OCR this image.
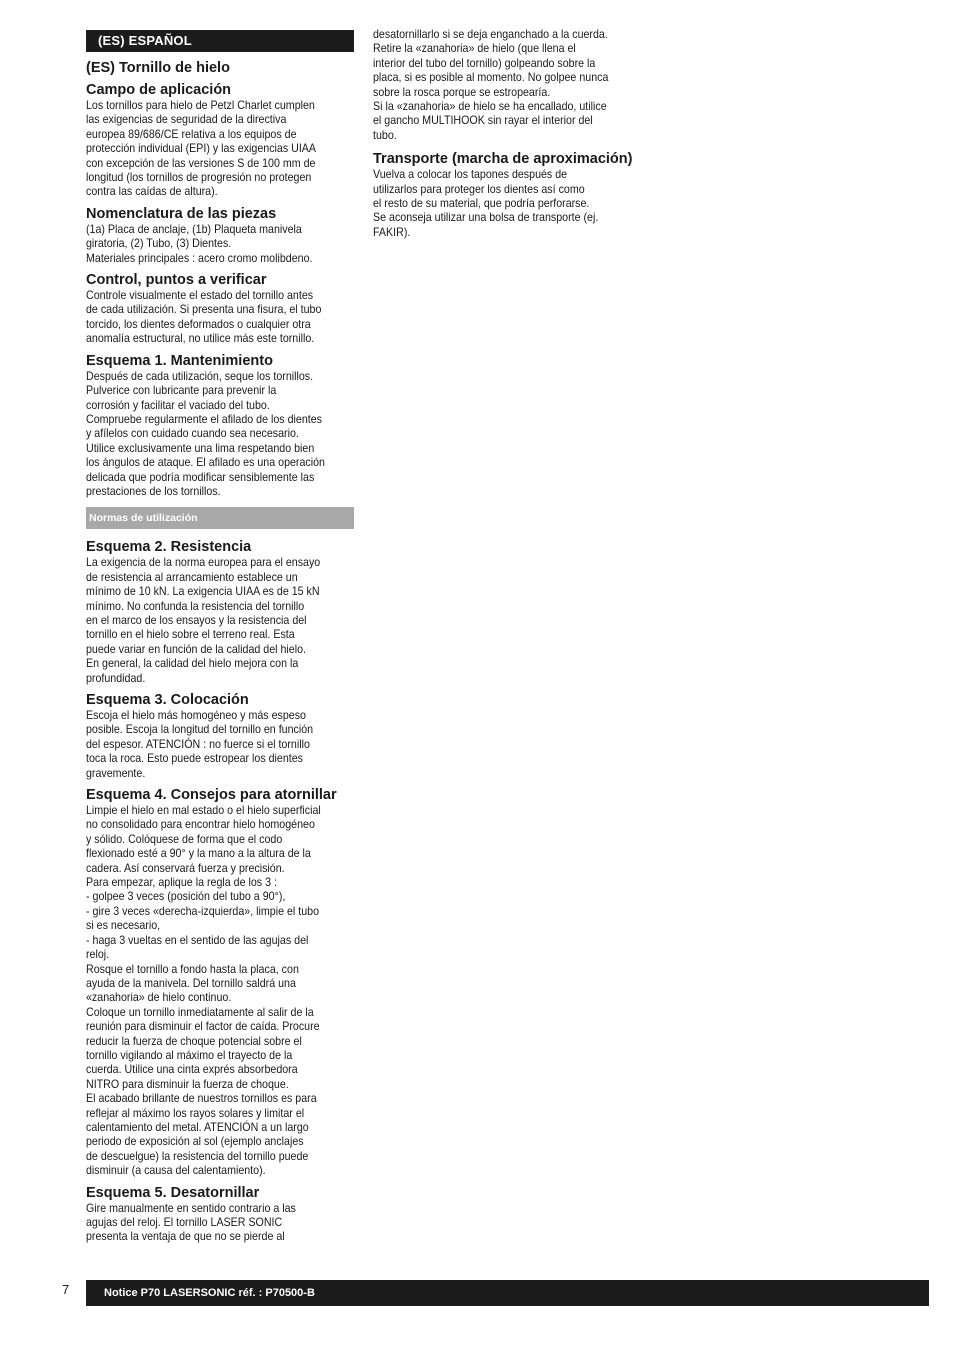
(ES) ESPAÑOL
(ES) Tornillo de hielo
Campo de aplicación

Los tornillos para hielo de Petzl Charlet cumplen
las exigencias de seguridad de la directiva
europea 89/686/CE relativa a los equipos de
protección individual (EPI) y las exigencias UIAA
con excepción de las versiones S de 100 mm de
longitud (los tornillos de progresión no protegen
contra las caídas de altura).

Nomenclatura de las piezas

(1a) Placa de anclaje, (1b) Plaqueta manivela
giratoria, (2) Tubo, (3) Dientes.
Materiales principales : acero cromo molibdeno.

Control, puntos a verificar

Controle visualmente el estado del tornillo antes
de cada utilización. Si presenta una fisura, el tubo
torcido, los dientes deformados o cualquier otra
anomalía estructural, no utilice más este tornillo.

Esquema 1. Mantenimiento

Después de cada utilización, seque los tornillos.
Pulverice con lubricante para prevenir la
corrosión y facilitar el vaciado del tubo.
Compruebe regularmente el afilado de los dientes
y afílelos con cuidado cuando sea necesario.
Utilice exclusivamente una lima respetando bien
los ángulos de ataque. El afilado es una operación
delicada que podría modificar sensiblemente las
prestaciones de los tornillos.

Normas de utilización
Esquema 2. Resistencia

La exigencia de la norma europea para el ensayo
de resistencia al arrancamiento establece un
mínimo de 10 kN. La exigencia UIAA es de 15 kN
mínimo. No confunda la resistencia del tornillo
en el marco de los ensayos y la resistencia del
tornillo en el hielo sobre el terreno real. Esta
puede variar en función de la calidad del hielo.
En general, la calidad del hielo mejora con la
profundidad.

Esquema 3. Colocación

Escoja el hielo más homogéneo y más espeso
posible. Escoja la longitud del tornillo en función
del espesor. ATENCIÓN : no fuerce si el tornillo
toca la roca. Esto puede estropear los dientes
gravemente.

Esquema 4. Consejos para atornillar

Limpie el hielo en mal estado o el hielo superficial
no consolidado para encontrar hielo homogéneo
y sólido. Colóquese de forma que el codo
flexionado esté a 90° y la mano a la altura de la
cadera. Así conservará fuerza y precisión.
Para empezar, aplique la regla de los 3 :
- golpee 3 veces (posición del tubo a 90°),
- gire 3 veces «derecha-izquierda», limpie el tubo
si es necesario,
- haga 3 vueltas en el sentido de las agujas del
reloj.
Rosque el tornillo a fondo hasta la placa, con
ayuda de la manivela. Del tornillo saldrá una
«zanahoria» de hielo continuo.
Coloque un tornillo inmediatamente al salir de la
reunión para disminuir el factor de caída. Procure
reducir la fuerza de choque potencial sobre el
tornillo vigilando al máximo el trayecto de la
cuerda. Utilice una cinta exprés absorbedora
NITRO para disminuir la fuerza de choque.
El acabado brillante de nuestros tornillos es para
reflejar al máximo los rayos solares y limitar el
calentamiento del metal. ATENCIÓN a un largo
periodo de exposición al sol (ejemplo anclajes
de descuelgue) la resistencia del tornillo puede
disminuir (a causa del calentamiento).

Esquema 5. Desatornillar

Gire manualmente en sentido contrario a las
agujas del reloj. El tornillo LASER SONIC
presenta la ventaja de que no se pierde al

desatornillarlo si se deja enganchado a la cuerda.
Retire la «zanahoria» de hielo (que llena el
interior del tubo del tornillo) golpeando sobre la
placa, si es posible al momento. No golpee nunca
sobre la rosca porque se estropearía.
Si la «zanahoria» de hielo se ha encallado, utilice
el gancho MULTIHOOK sin rayar el interior del
tubo.

Transporte (marcha de aproximación)

Vuelva a colocar los tapones después de
utilizarlos para proteger los dientes así como
el resto de su material, que podría perforarse.
Se aconseja utilizar una bolsa de transporte (ej.
FAKIR).

7	Notice P70 LASERSONIC réf. : P70500-B
